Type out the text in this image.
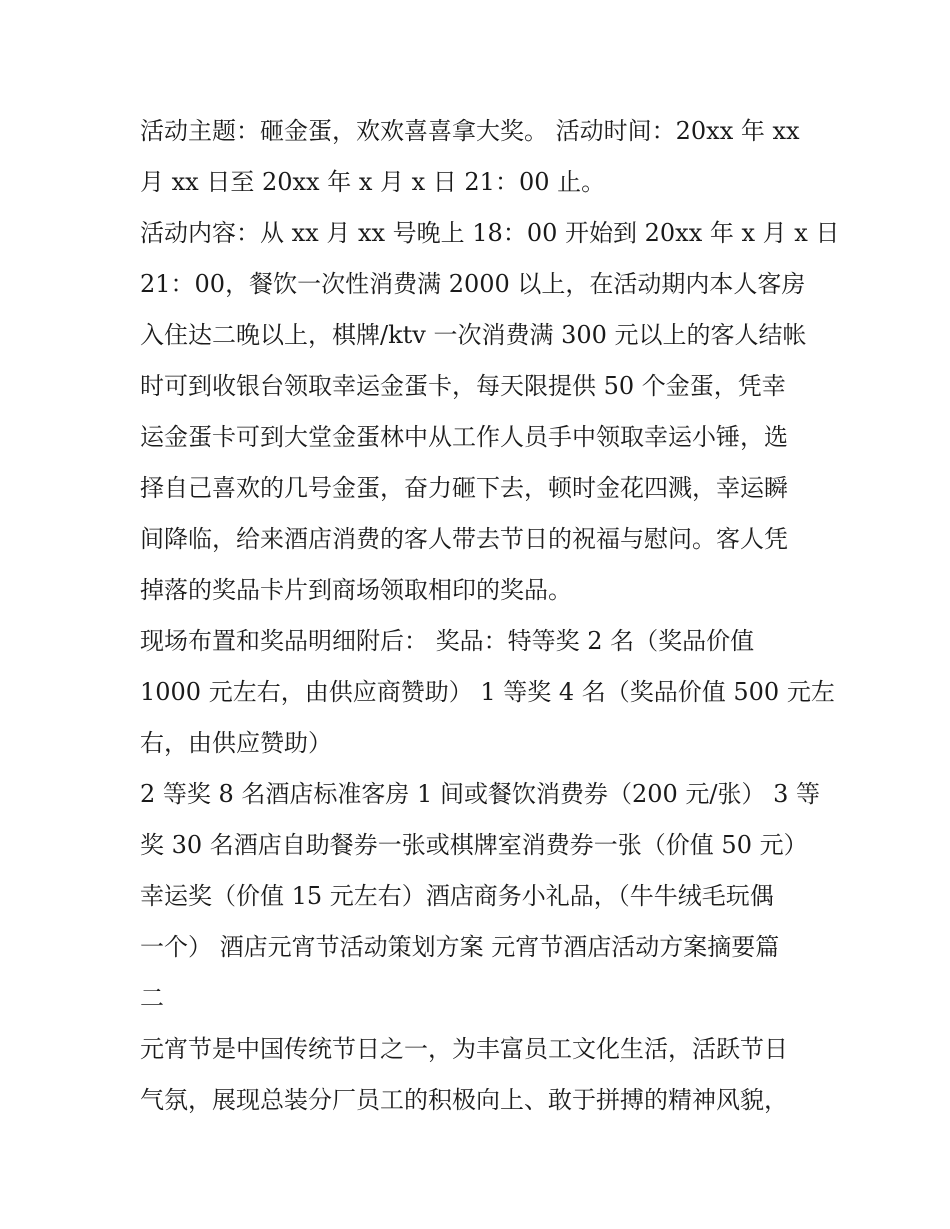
活动主题：砸金蛋，欢欢喜喜拿大奖。 活动时间：20xx 年 xx

月 xx 日至 20xx 年 x 月 x 日 21：00 止。

活动内容：从 xx 月 xx 号晚上 18：00 开始到 20xx 年 x 月 x 日

21：00，餐饮一次性消费满 2000 以上，在活动期内本人客房

入住达二晚以上，棋牌/ktv 一次消费满 300 元以上的客人结帐

时可到收银台领取幸运金蛋卡，每天限提供 50 个金蛋，凭幸

运金蛋卡可到大堂金蛋林中从工作人员手中领取幸运小锤，选

择自己喜欢的几号金蛋，奋力砸下去，顿时金花四溅，幸运瞬

间降临，给来酒店消费的客人带去节日的祝福与慰问。客人凭

掉落的奖品卡片到商场领取相印的奖品。

现场布置和奖品明细附后： 奖品：特等奖 2 名（奖品价值

1000 元左右，由供应商赞助） 1 等奖 4 名（奖品价值 500 元左

右，由供应赞助）

2 等奖 8 名酒店标准客房 1 间或餐饮消费券（200 元/张） 3 等

奖 30 名酒店自助餐券一张或棋牌室消费券一张（价值 50 元）

幸运奖（价值 15 元左右）酒店商务小礼品，（牛牛绒毛玩偶

一个） 酒店元宵节活动策划方案 元宵节酒店活动方案摘要篇

二

元宵节是中国传统节日之一，为丰富员工文化生活，活跃节日

气氛，展现总装分厂员工的积极向上、敢于拼搏的精神风貌，
